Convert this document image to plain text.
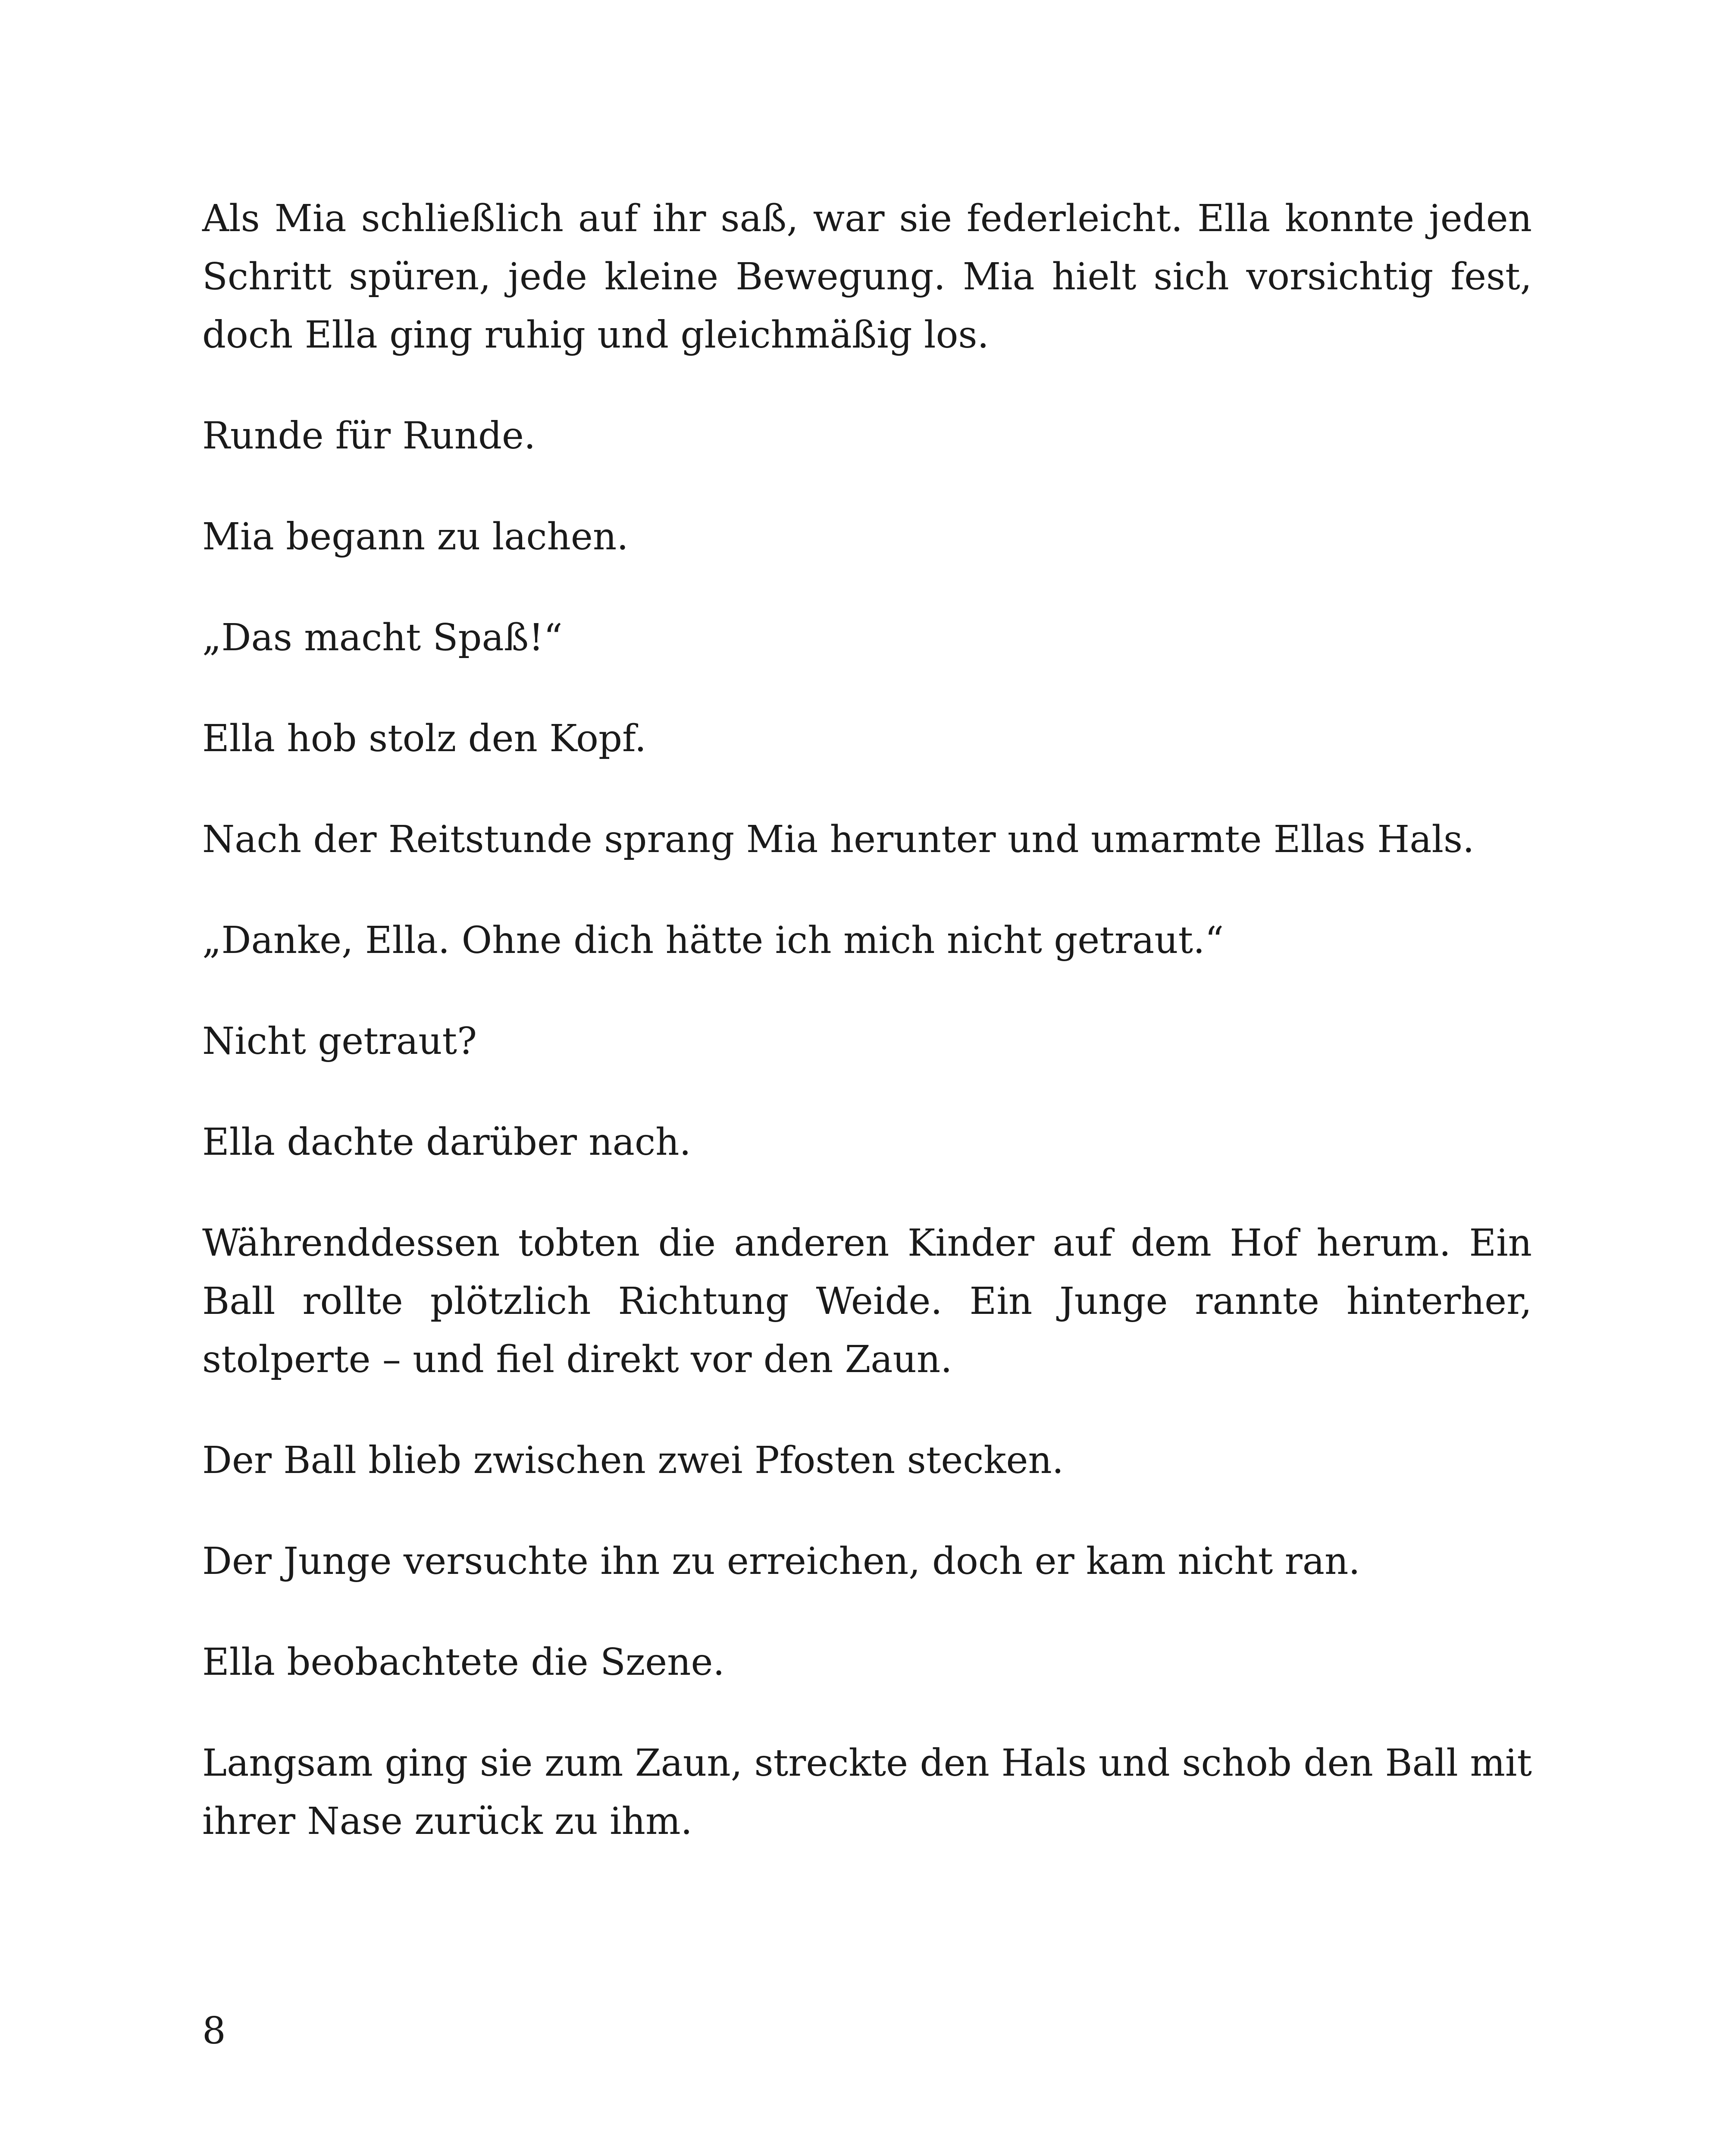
Als Mia schließlich auf ihr saß, war sie federleicht. Ella konnte jeden Schritt spüren, jede kleine Bewegung. Mia hielt sich vorsichtig fest, doch Ella ging ruhig und gleichmäßig los.

Runde für Runde.

Mia begann zu lachen.

„Das macht Spaß!“

Ella hob stolz den Kopf.

Nach der Reitstunde sprang Mia herunter und umarmte Ellas Hals.

„Danke, Ella. Ohne dich hätte ich mich nicht getraut.“

Nicht getraut?

Ella dachte darüber nach.

Währenddessen tobten die anderen Kinder auf dem Hof herum. Ein Ball rollte plötzlich Richtung Weide. Ein Junge rannte hinterher, stolperte – und fiel direkt vor den Zaun.

Der Ball blieb zwischen zwei Pfosten stecken.

Der Junge versuchte ihn zu erreichen, doch er kam nicht ran.

Ella beobachtete die Szene.

Langsam ging sie zum Zaun, streckte den Hals und schob den Ball mit ihrer Nase zurück zu ihm.

8
